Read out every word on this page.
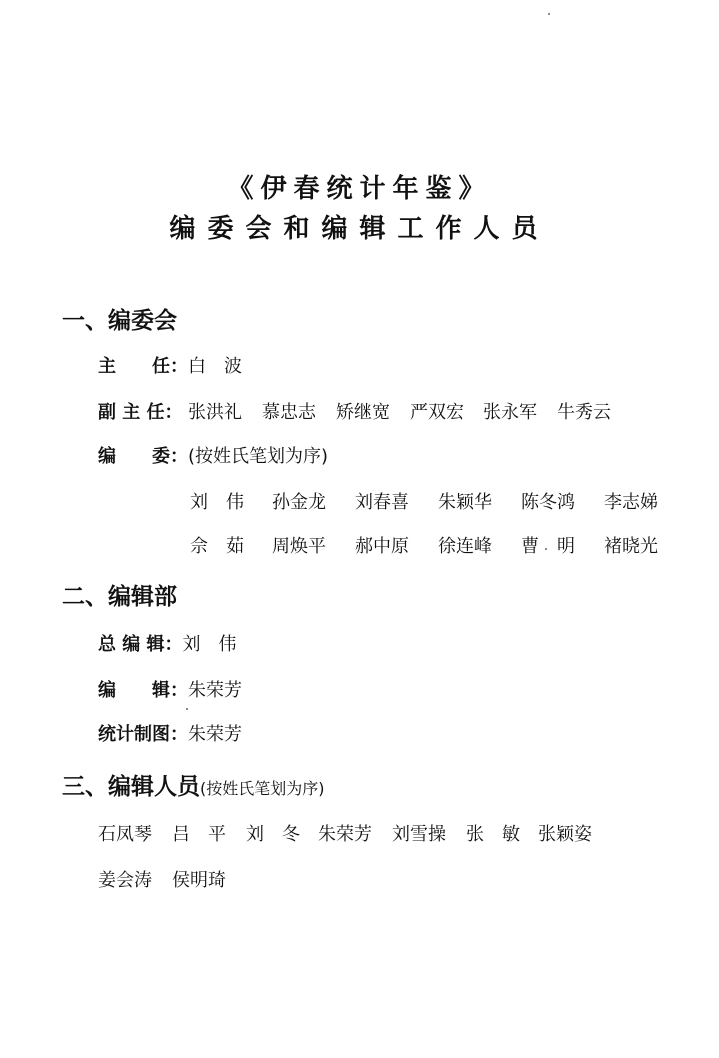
《伊春统计年鉴》
编委会和编辑工作人员
一、编委会
主　　任：白　波
副 主 任： 张洪礼 慕忠志 矫继宽 严双宏 张永军 牛秀云
编　　委：(按姓氏笔划为序)
刘　伟 孙金龙 刘春喜 朱颖华 陈冬鸿 李志娣
佘　茹 周焕平 郝中原 徐连峰 曹　明 褚晓光
二、编辑部
总 编 辑：刘　伟
编　　辑：朱荣芳
统计制图：朱荣芳
三、编辑人员(按姓氏笔划为序)
石凤琴 吕　平 刘　冬 朱荣芳 刘雪操 张　敏 张颖姿
姜会涛 侯明琦
